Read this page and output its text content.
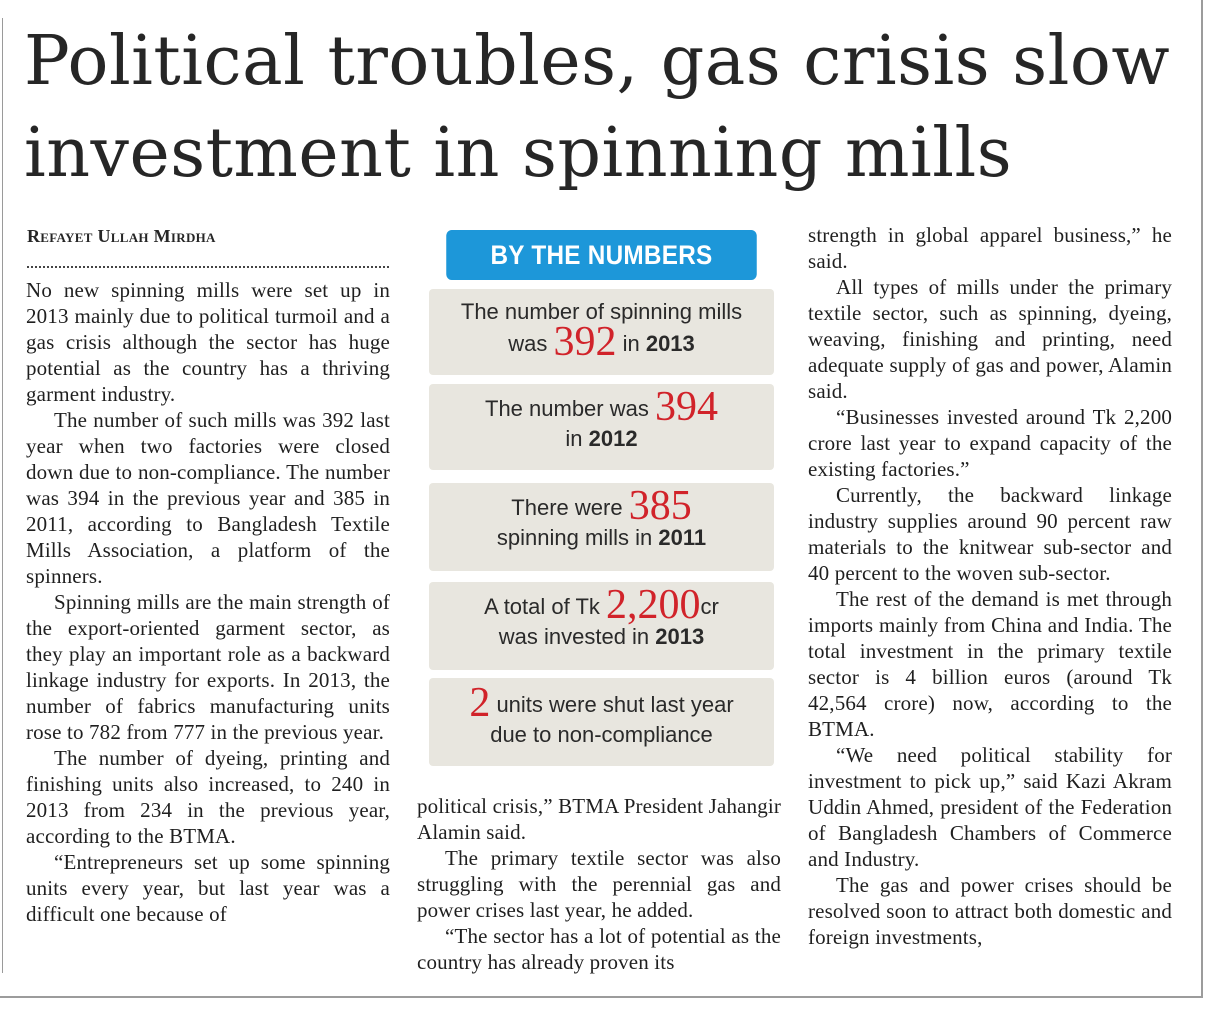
Political troubles, gas crisis slow
investment in spinning mills
Refayet Ullah Mirdha

No new spinning mills were set up in 2013 mainly due to political turmoil and a gas crisis although the sector has huge potential as the country has a thriving garment industry.

The number of such mills was 392 last year when two factories were closed down due to non-compliance. The number was 394 in the previous year and 385 in 2011, according to Bangladesh Textile Mills Association, a platform of the spinners.

Spinning mills are the main strength of the export-oriented garment sector, as they play an important role as a backward linkage industry for exports. In 2013, the number of fabrics manufacturing units rose to 782 from 777 in the previous year.

The number of dyeing, printing and finishing units also increased, to 240 in 2013 from 234 in the previous year, according to the BTMA.

“Entrepreneurs set up some spinning units every year, but last year was a difficult one because of

BY THE NUMBERS
The number of spinning mills
was 392 in 2013
The number was 394
in 2012
There were 385
spinning mills in 2011
A total of Tk 2,200cr
was invested in 2013
2 units were shut last year
due to non-compliance

political crisis,” BTMA President Jahangir Alamin said.

The primary textile sector was also struggling with the perennial gas and power crises last year, he added.

“The sector has a lot of potential as the country has already proven its

strength in global apparel business,” he said.

All types of mills under the primary textile sector, such as spinning, dyeing, weaving, finishing and printing, need adequate supply of gas and power, Alamin said.

“Businesses invested around Tk 2,200 crore last year to expand capacity of the existing factories.”

Currently, the backward linkage industry supplies around 90 percent raw materials to the knitwear sub-sector and 40 percent to the woven sub-sector.

The rest of the demand is met through imports mainly from China and India. The total investment in the primary textile sector is 4 billion euros (around Tk 42,564 crore) now, according to the BTMA.

“We need political stability for investment to pick up,” said Kazi Akram Uddin Ahmed, president of the Federation of Bangladesh Chambers of Commerce and Industry.

The gas and power crises should be resolved soon to attract both domestic and foreign investments,
